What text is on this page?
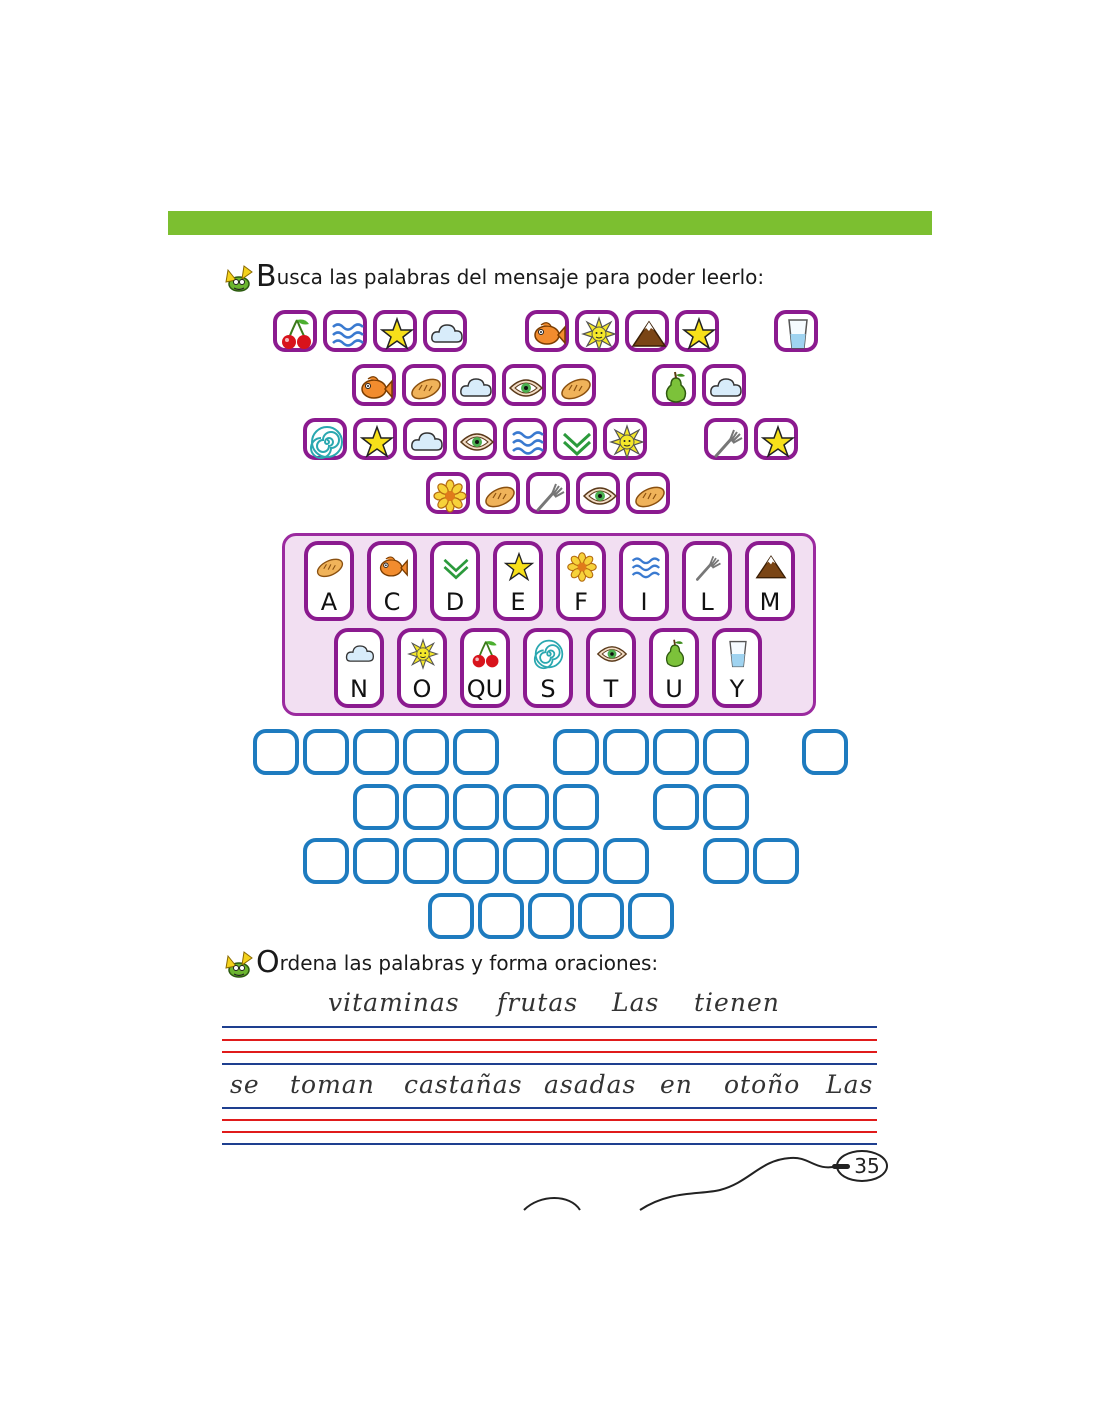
Busca las palabras del mensaje para poder leerlo:
A	C	D	E	F	I	L	M
N	O	QU	S	T	U	Y
Ordena las palabras y forma oraciones:
vitaminas frutas Las tienen
se toman castañas asadas en otoño Las
35
